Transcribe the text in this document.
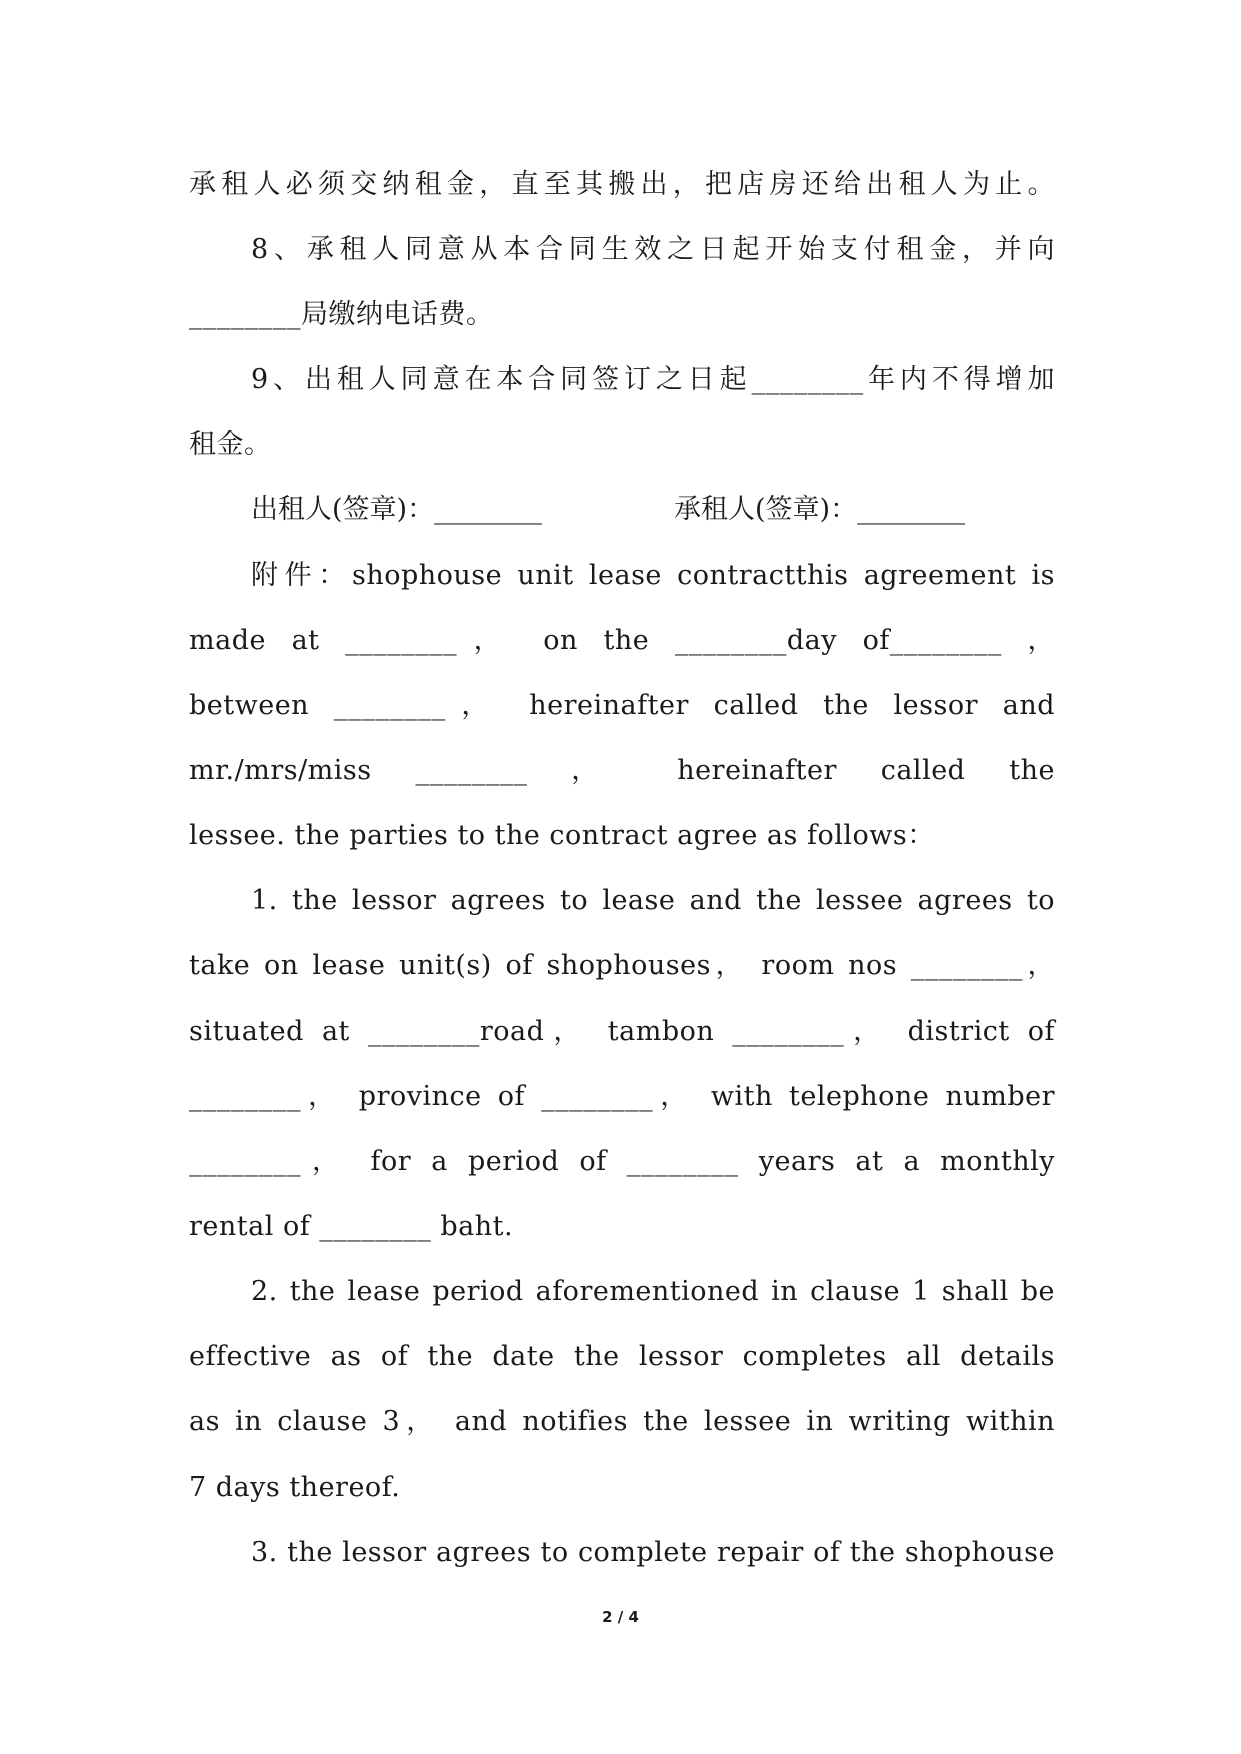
承租人必须交纳租金，直至其搬出，把店房还给出租人为止。
8、承租人同意从本合同生效之日起开始支付租金，并向
________局缴纳电话费。
9、出租人同意在本合同签订之日起________年内不得增加
租金。
出租人(签章)：________	承租人(签章)：________
附件：shophouse unit lease contractthis agreement is
made at ________， on the ________day of________ ，
between ________， hereinafter called the lessor and
mr./mrs/miss ________ ， hereinafter called the
lessee. the parties to the contract agree as follows：
1. the lessor agrees to lease and the lessee agrees to
take on lease unit(s) of shophouses， room nos ________，
situated at ________road， tambon ________， district of
________， province of ________， with telephone number
________， for a period of ________ years at a monthly
rental of ________ baht.
2. the lease period aforementioned in clause 1 shall be
effective as of the date the lessor completes all details
as in clause 3， and notifies the lessee in writing within
7 days thereof.
3. the lessor agrees to complete repair of the shophouse
2 / 4
